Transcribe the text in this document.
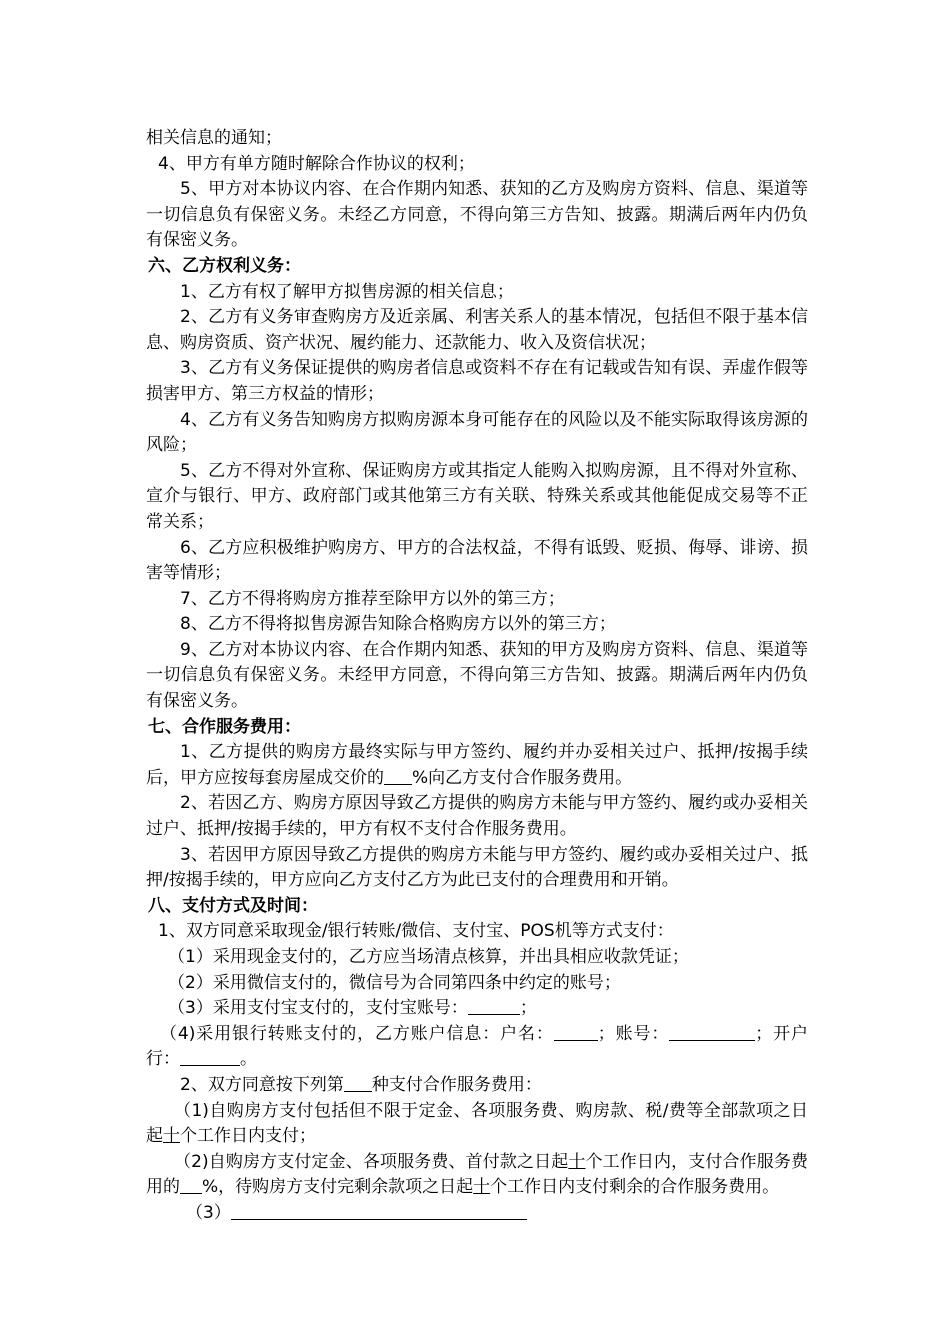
相关信息的通知；

4、甲方有单方随时解除合作协议的权利；

5、甲方对本协议内容、在合作期内知悉、获知的乙方及购房方资料、信息、渠道等一切信息负有保密义务。未经乙方同意，不得向第三方告知、披露。期满后两年内仍负有保密义务。

六、乙方权利义务：

1、乙方有权了解甲方拟售房源的相关信息；

2、乙方有义务审查购房方及近亲属、利害关系人的基本情况，包括但不限于基本信息、购房资质、资产状况、履约能力、还款能力、收入及资信状况；

3、乙方有义务保证提供的购房者信息或资料不存在有记载或告知有误、弄虚作假等损害甲方、第三方权益的情形；

4、乙方有义务告知购房方拟购房源本身可能存在的风险以及不能实际取得该房源的风险；

5、乙方不得对外宣称、保证购房方或其指定人能购入拟购房源，且不得对外宣称、宣介与银行、甲方、政府部门或其他第三方有关联、特殊关系或其他能促成交易等不正常关系；

6、乙方应积极维护购房方、甲方的合法权益，不得有诋毁、贬损、侮辱、诽谤、损害等情形；

7、乙方不得将购房方推荐至除甲方以外的第三方；

8、乙方不得将拟售房源告知除合格购房方以外的第三方；

9、乙方对本协议内容、在合作期内知悉、获知的甲方及购房方资料、信息、渠道等一切信息负有保密义务。未经甲方同意，不得向第三方告知、披露。期满后两年内仍负有保密义务。

七、合作服务费用：

1、乙方提供的购房方最终实际与甲方签约、履约并办妥相关过户、抵押/按揭手续后，甲方应按每套房屋成交价的 %向乙方支付合作服务费用。

2、若因乙方、购房方原因导致乙方提供的购房方未能与甲方签约、履约或办妥相关过户、抵押/按揭手续的，甲方有权不支付合作服务费用。

3、若因甲方原因导致乙方提供的购房方未能与甲方签约、履约或办妥相关过户、抵押/按揭手续的，甲方应向乙方支付乙方为此已支付的合理费用和开销。

八、支付方式及时间：

1、双方同意采取现金/银行转账/微信、支付宝、POS机等方式支付：

（1）采用现金支付的，乙方应当场清点核算，并出具相应收款凭证；

（2）采用微信支付的，微信号为合同第四条中约定的账号；

（3）采用支付宝支付的，支付宝账号：	；

（4)采用银行转账支付的，乙方账户信息：户名：	；账号：	；开户行：	。

2、双方同意按下列第 种支付合作服务费用：

（1)自购房方支付包括但不限于定金、各项服务费、购房款、税/费等全部款项之日起十个工作日内支付；

（2)自购房方支付定金、各项服务费、首付款之日起十个工作日内，支付合作服务费用的 %，待购房方支付完剩余款项之日起十个工作日内支付剩余的合作服务费用。

（3）
